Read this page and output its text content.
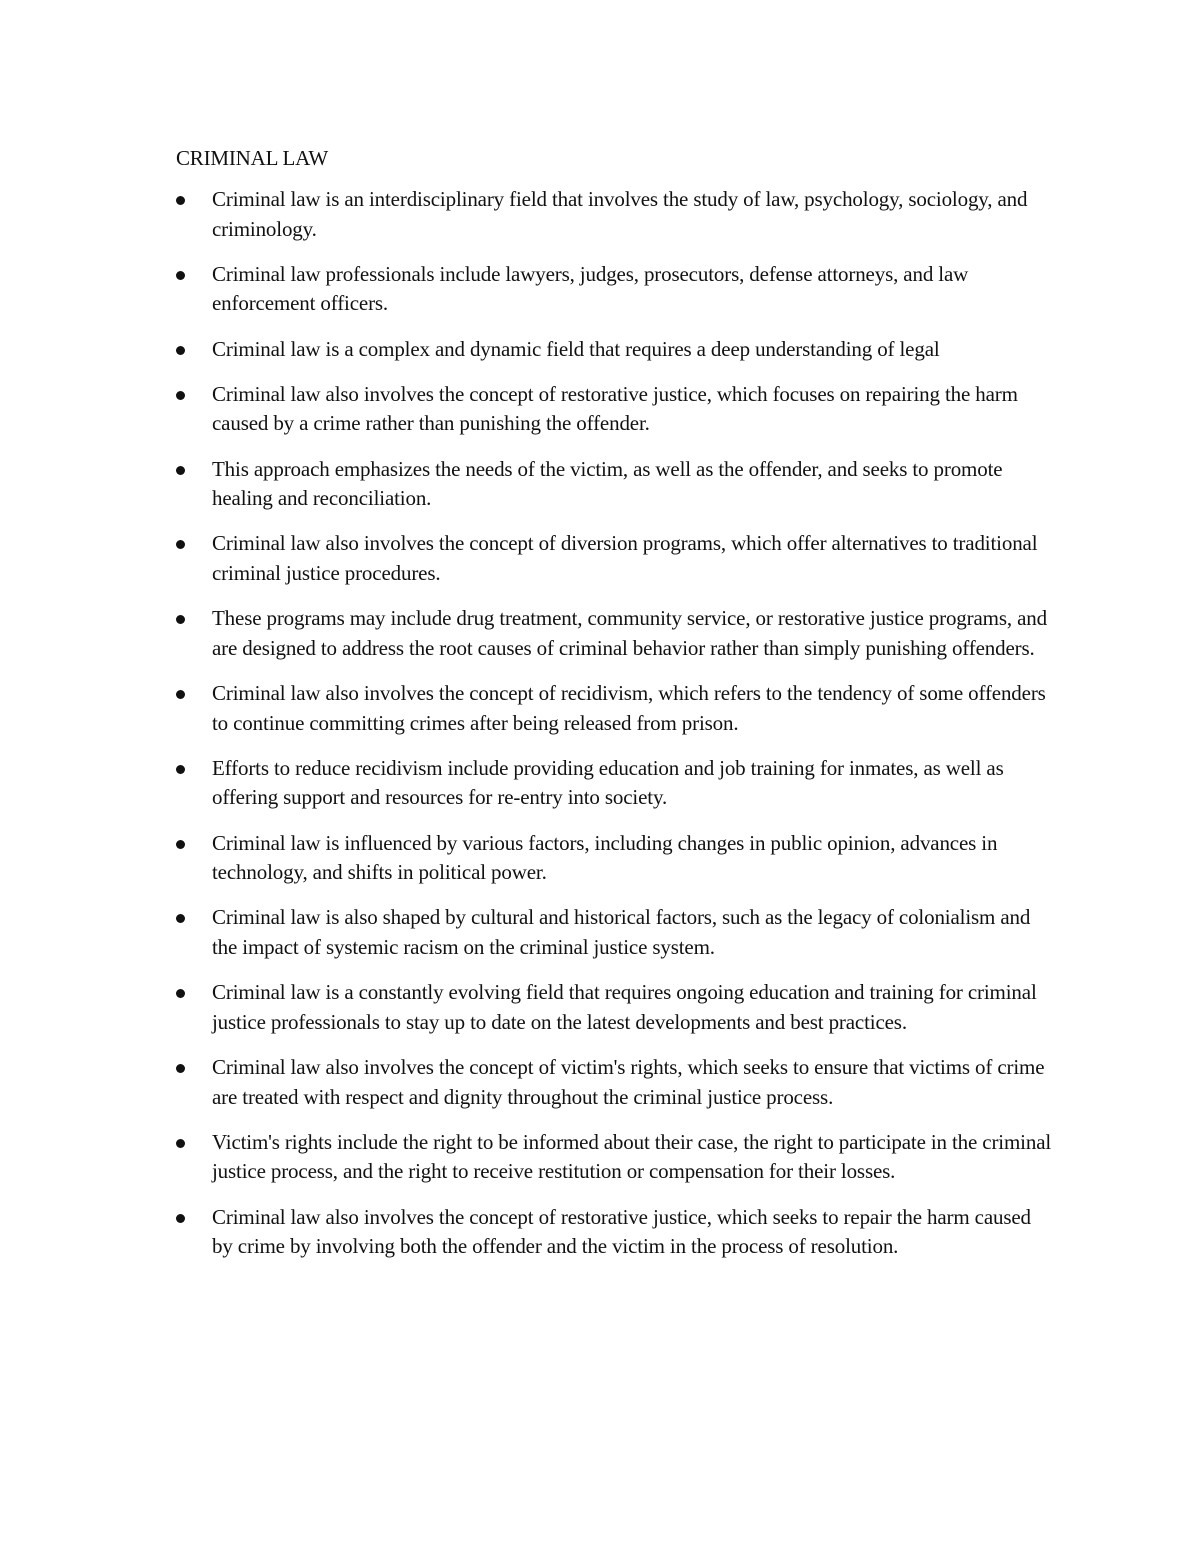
CRIMINAL LAW
Criminal law is an interdisciplinary field that involves the study of law, psychology, sociology, and criminology.
Criminal law professionals include lawyers, judges, prosecutors, defense attorneys, and law enforcement officers.
Criminal law is a complex and dynamic field that requires a deep understanding of legal
Criminal law also involves the concept of restorative justice, which focuses on repairing the harm caused by a crime rather than punishing the offender.
This approach emphasizes the needs of the victim, as well as the offender, and seeks to promote healing and reconciliation.
Criminal law also involves the concept of diversion programs, which offer alternatives to traditional criminal justice procedures.
These programs may include drug treatment, community service, or restorative justice programs, and are designed to address the root causes of criminal behavior rather than simply punishing offenders.
Criminal law also involves the concept of recidivism, which refers to the tendency of some offenders to continue committing crimes after being released from prison.
Efforts to reduce recidivism include providing education and job training for inmates, as well as offering support and resources for re-entry into society.
Criminal law is influenced by various factors, including changes in public opinion, advances in technology, and shifts in political power.
Criminal law is also shaped by cultural and historical factors, such as the legacy of colonialism and the impact of systemic racism on the criminal justice system.
Criminal law is a constantly evolving field that requires ongoing education and training for criminal justice professionals to stay up to date on the latest developments and best practices.
Criminal law also involves the concept of victim's rights, which seeks to ensure that victims of crime are treated with respect and dignity throughout the criminal justice process.
Victim's rights include the right to be informed about their case, the right to participate in the criminal justice process, and the right to receive restitution or compensation for their losses.
Criminal law also involves the concept of restorative justice, which seeks to repair the harm caused by crime by involving both the offender and the victim in the process of resolution.
